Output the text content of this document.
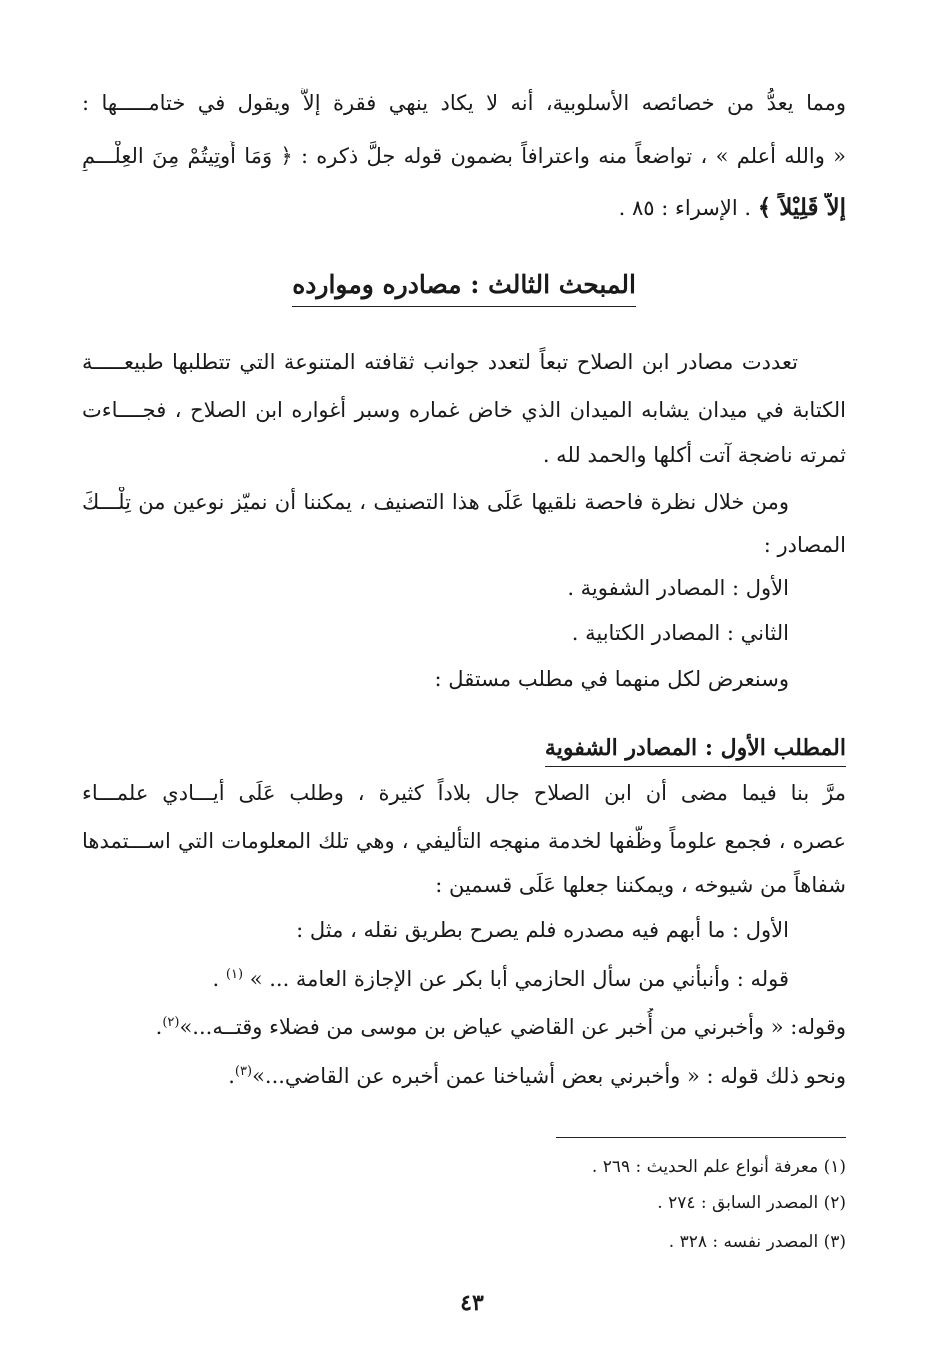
ومما يعدُّ من خصائصه الأسلوبية، أنه لا يكاد ينهي فقرة إلاَّ ويقول في ختامـــــها :
« والله أعلم » ، تواضعاً منه واعترافاً بضمون قوله جلَّ ذكره : ﴿ وَمَا أُوتِيتُمْ مِنَ العِلْـــمِ
إلاَّ قَلِيْلاً ﴾ . الإسراء : ٨٥ .
المبحث الثالث : مصادره وموارده
تعددت مصادر ابن الصلاح تبعاً لتعدد جوانب ثقافته المتنوعة التي تتطلبها طبيعـــــة
الكتابة في ميدان يشابه الميدان الذي خاض غماره وسبر أغواره ابن الصلاح ، فجــــاءت
ثمرته ناضجة آتت أكلها والحمد لله .
ومن خلال نظرة فاحصة نلقيها عَلَى هذا التصنيف ، يمكننا أن نميّز نوعين من تِلْـــكَ
المصادر :
الأول : المصادر الشفوية .
الثاني : المصادر الكتابية .
وسنعرض لكل منهما في مطلب مستقل :
المطلب الأول : المصادر الشفوية
مرَّ بنا فيما مضى أن ابن الصلاح جال بلاداً كثيرة ، وطلب عَلَى أيـــادي علمـــاء
عصره ، فجمع علوماً وظّفها لخدمة منهجه التأليفي ، وهي تلك المعلومات التي اســـتمدها
شفاهاً من شيوخه ، ويمكننا جعلها عَلَى قسمين :
الأول : ما أبهم فيه مصدره فلم يصرح بطريق نقله ، مثل :
قوله : وأنبأني من سأل الحازمي أبا بكر عن الإجازة العامة ... » $^{(١)}$ .
وقوله: « وأخبرني من أُخبر عن القاضي عياض بن موسى من فضلاء وقتــه...»$^{(٢)}$.
ونحو ذلك قوله : « وأخبرني بعض أشياخنا عمن أخبره عن القاضي...»$^{(٣)}$.
(١) معرفة أنواع علم الحديث : ٢٦٩ .
(٢) المصدر السابق : ٢٧٤ .
(٣) المصدر نفسه : ٣٢٨ .
٤٣
